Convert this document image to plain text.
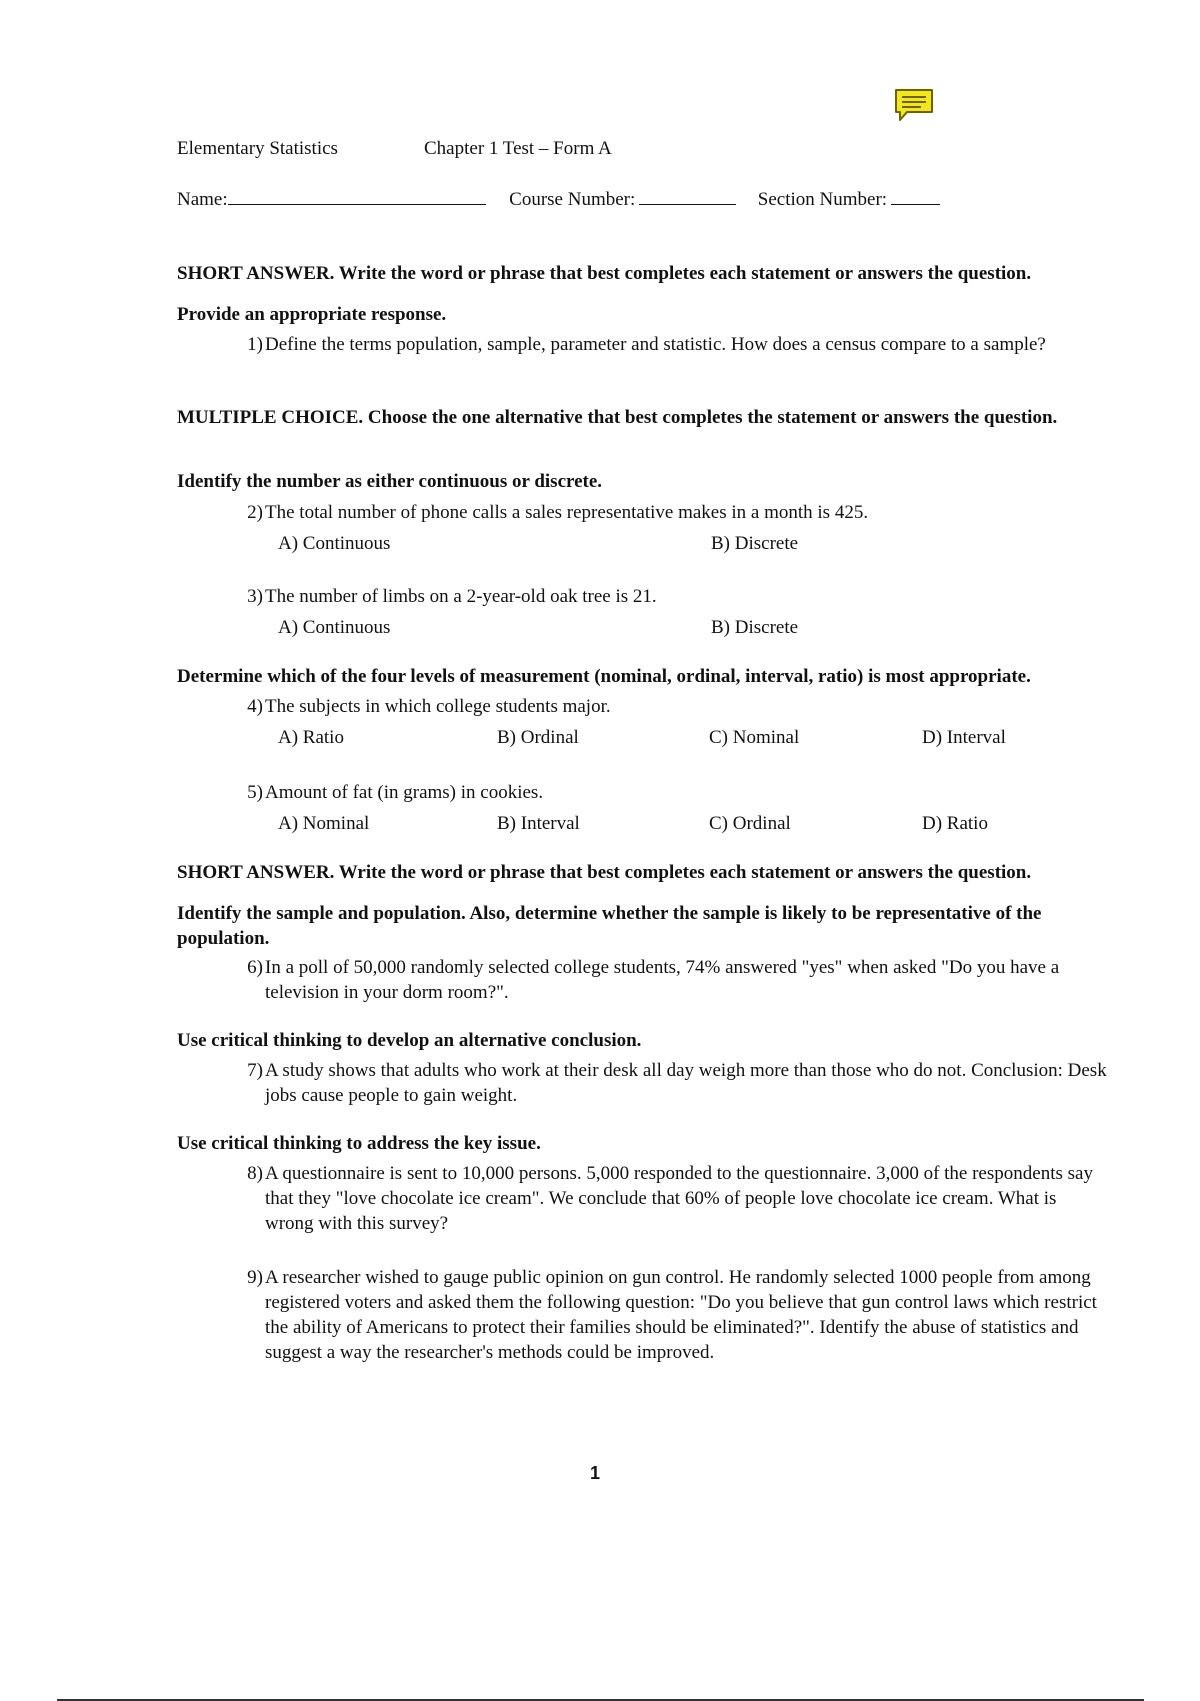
Elementary Statistics	Chapter 1 Test – Form A
Name:	Course Number:	Section Number:
SHORT ANSWER. Write the word or phrase that best completes each statement or answers the question.
Provide an appropriate response.
1) Define the terms population, sample, parameter and statistic. How does a census compare to a sample?
MULTIPLE CHOICE. Choose the one alternative that best completes the statement or answers the question.
Identify the number as either continuous or discrete.
2) The total number of phone calls a sales representative makes in a month is 425.
A) Continuous	B) Discrete
3) The number of limbs on a 2-year-old oak tree is 21.
A) Continuous	B) Discrete
Determine which of the four levels of measurement (nominal, ordinal, interval, ratio) is most appropriate.
4) The subjects in which college students major.
A) Ratio	B) Ordinal	C) Nominal	D) Interval
5) Amount of fat (in grams) in cookies.
A) Nominal	B) Interval	C) Ordinal	D) Ratio
SHORT ANSWER. Write the word or phrase that best completes each statement or answers the question.
Identify the sample and population. Also, determine whether the sample is likely to be representative of the population.
6) In a poll of 50,000 randomly selected college students, 74% answered "yes" when asked "Do you have a television in your dorm room?".
Use critical thinking to develop an alternative conclusion.
7) A study shows that adults who work at their desk all day weigh more than those who do not. Conclusion: Desk jobs cause people to gain weight.
Use critical thinking to address the key issue.
8) A questionnaire is sent to 10,000 persons. 5,000 responded to the questionnaire. 3,000 of the respondents say that they "love chocolate ice cream". We conclude that 60% of people love chocolate ice cream. What is wrong with this survey?
9) A researcher wished to gauge public opinion on gun control. He randomly selected 1000 people from among registered voters and asked them the following question: "Do you believe that gun control laws which restrict the ability of Americans to protect their families should be eliminated?". Identify the abuse of statistics and suggest a way the researcher's methods could be improved.
1
